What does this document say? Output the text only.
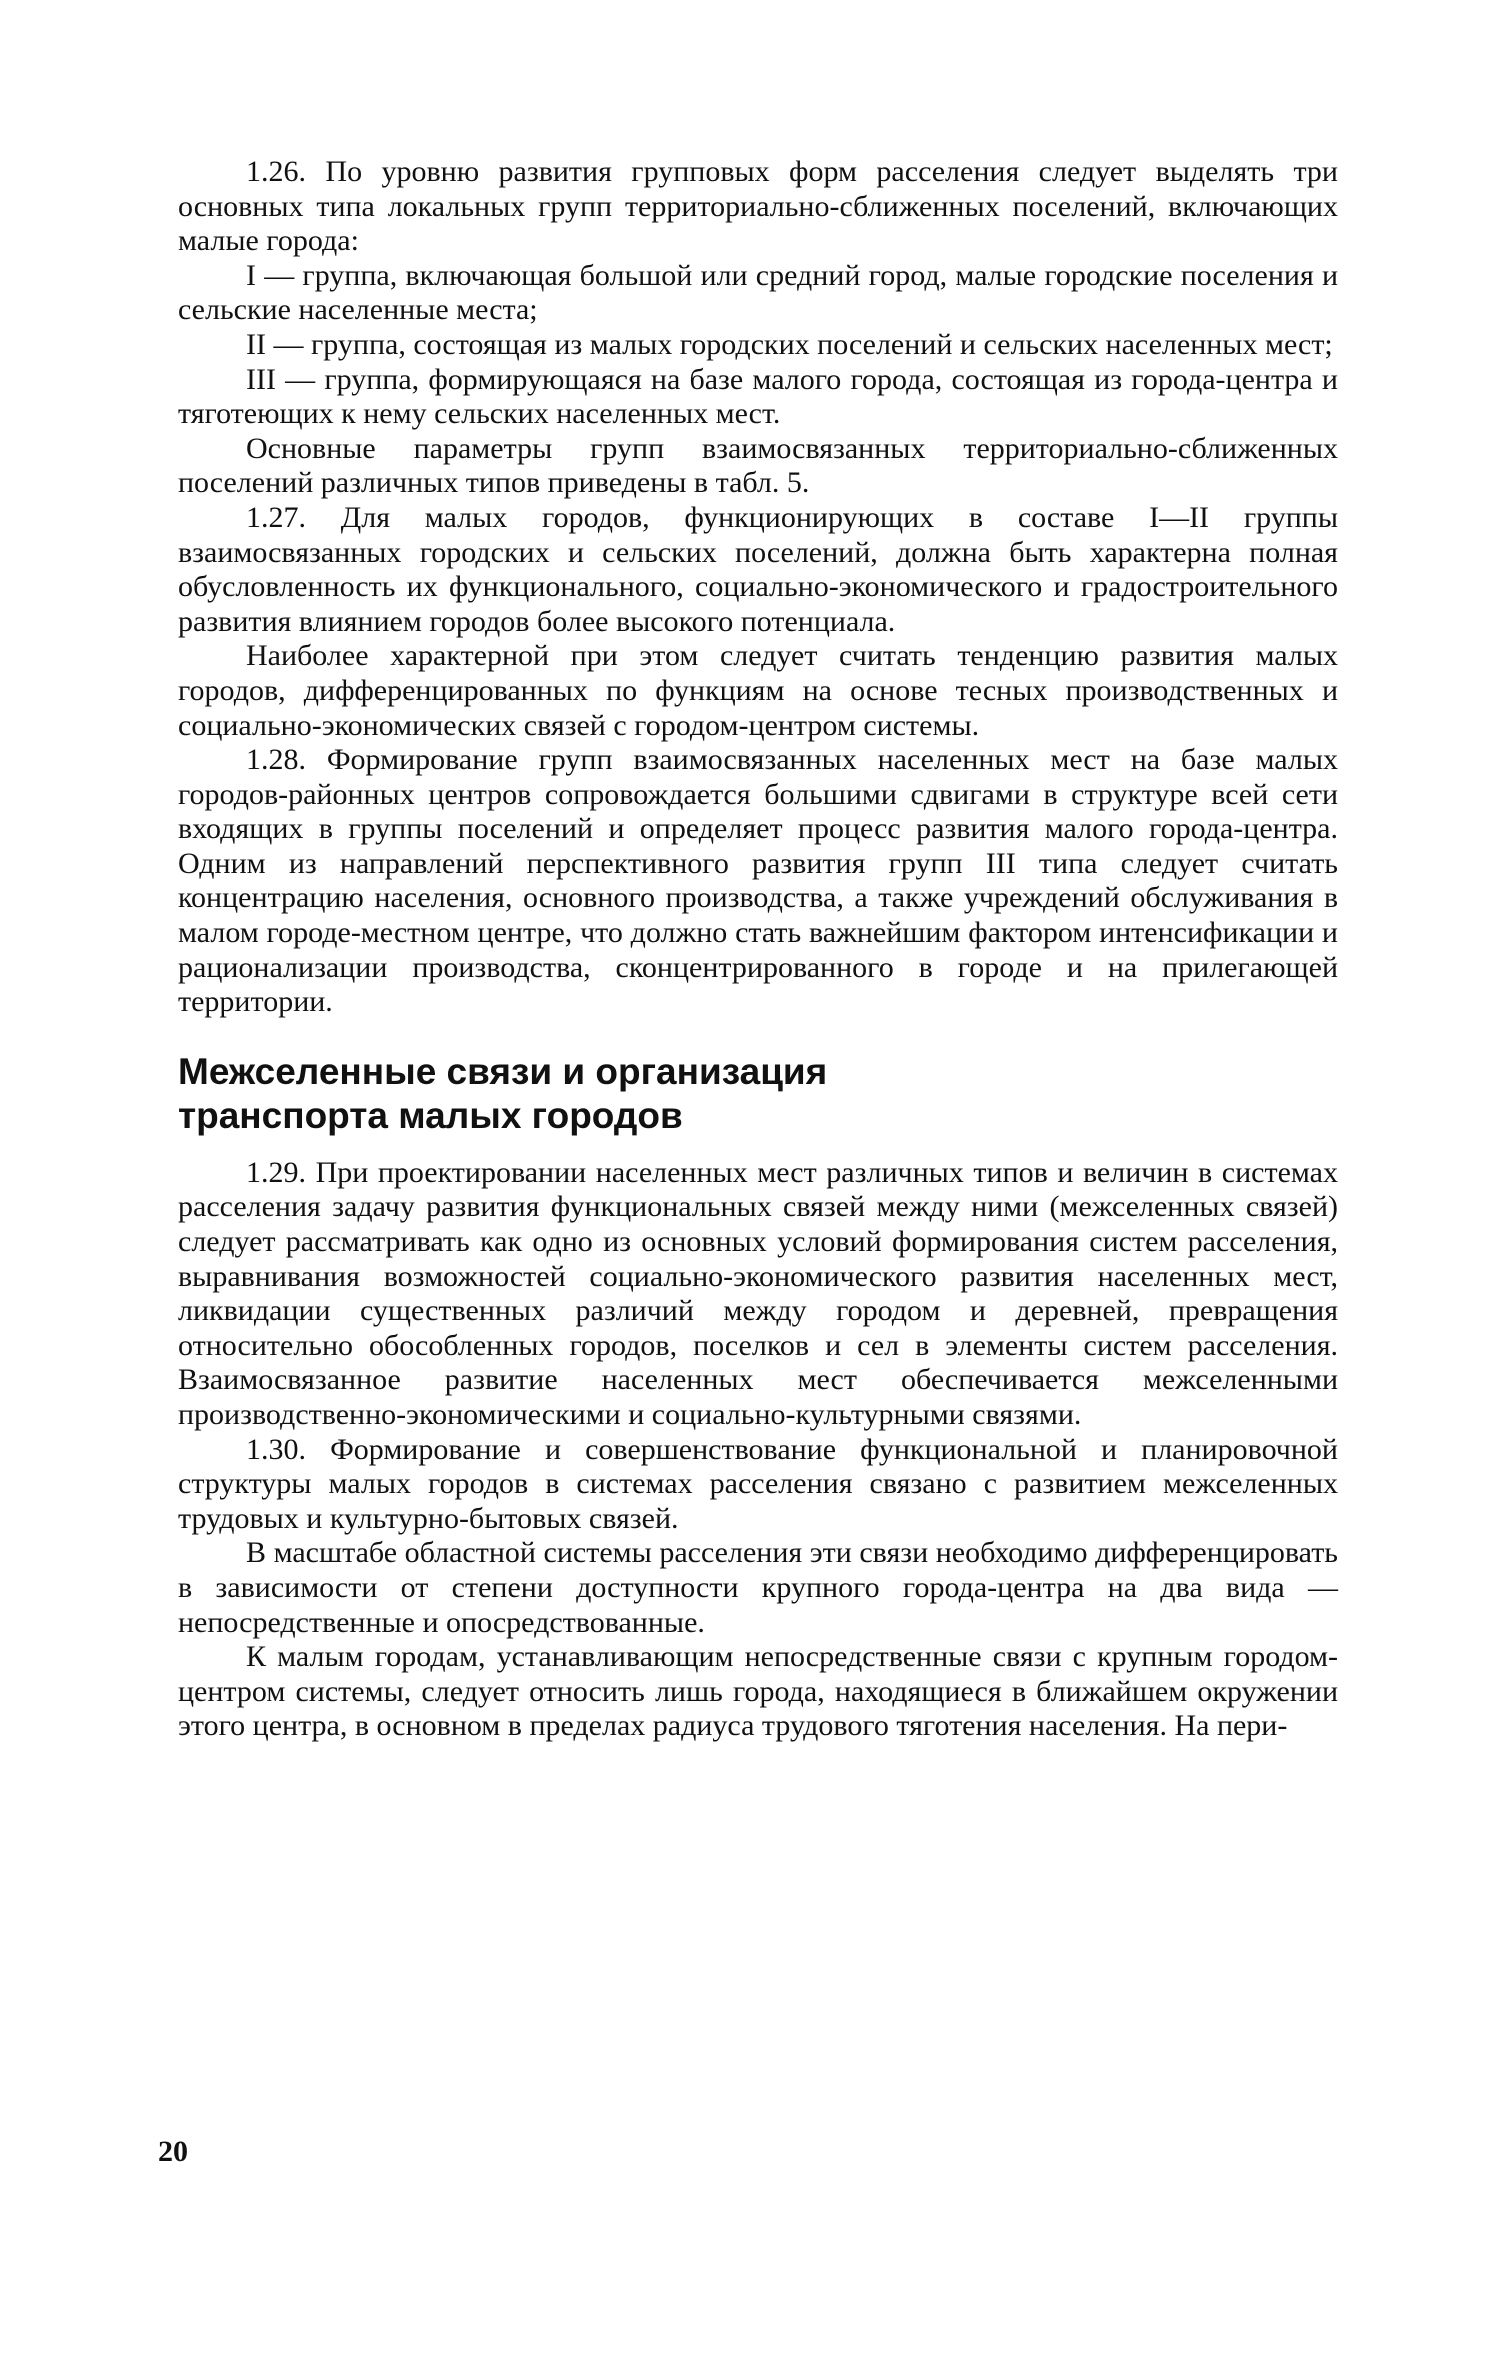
1.26. По уровню развития групповых форм расселения следует выделять три основных типа локальных групп территориально-сближенных поселений, включающих малые города:

I — группа, включающая большой или средний город, малые городские поселения и сельские населенные места;

II — группа, состоящая из малых городских поселений и сельских населенных мест;

III — группа, формирующаяся на базе малого города, состоящая из города-центра и тяготеющих к нему сельских населенных мест.

Основные параметры групп взаимосвязанных территориально-сближенных поселений различных типов приведены в табл. 5.

1.27. Для малых городов, функционирующих в составе I—II группы взаимосвязанных городских и сельских поселений, должна быть характерна полная обусловленность их функционального, социально-экономического и градостроительного развития влиянием городов более высокого потенциала.

Наиболее характерной при этом следует считать тенденцию развития малых городов, дифференцированных по функциям на основе тесных производственных и социально-экономических связей с городом-центром системы.

1.28. Формирование групп взаимосвязанных населенных мест на базе малых городов-районных центров сопровождается большими сдвигами в структуре всей сети входящих в группы поселений и определяет процесс развития малого города-центра. Одним из направлений перспективного развития групп III типа следует считать концентрацию населения, основного производства, а также учреждений обслуживания в малом городе-местном центре, что должно стать важнейшим фактором интенсификации и рационализации производства, сконцентрированного в городе и на прилегающей территории.

Межселенные связи и организация
транспорта малых городов

1.29. При проектировании населенных мест различных типов и величин в системах расселения задачу развития функциональных связей между ними (межселенных связей) следует рассматривать как одно из основных условий формирования систем расселения, выравнивания возможностей социально-экономического развития населенных мест, ликвидации существенных различий между городом и деревней, превращения относительно обособленных городов, поселков и сел в элементы систем расселения. Взаимосвязанное развитие населенных мест обеспечивается межселенными производственно-экономическими и социально-культурными связями.

1.30. Формирование и совершенствование функциональной и планировочной структуры малых городов в системах расселения связано с развитием межселенных трудовых и культурно-бытовых связей.

В масштабе областной системы расселения эти связи необходимо дифференцировать в зависимости от степени доступности крупного города-центра на два вида — непосредственные и опосредствованные.

К малым городам, устанавливающим непосредственные связи с крупным городом-центром системы, следует относить лишь города, находящиеся в ближайшем окружении этого центра, в основном в пределах радиуса трудового тяготения населения. На пери-

20
